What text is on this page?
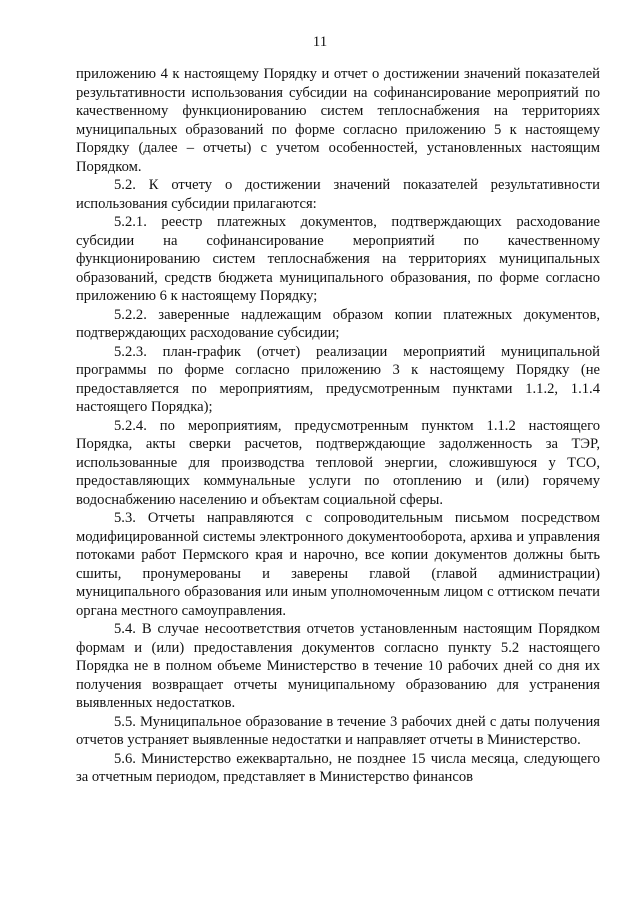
11

приложению 4 к настоящему Порядку и отчет о достижении значений показателей результативности использования субсидии на софинансирование мероприятий по качественному функционированию систем теплоснабжения на территориях муниципальных образований по форме согласно приложению 5 к настоящему Порядку (далее – отчеты) с учетом особенностей, установленных настоящим Порядком.

5.2. К отчету о достижении значений показателей результативности использования субсидии прилагаются:

5.2.1. реестр платежных документов, подтверждающих расходование субсидии на софинансирование мероприятий по качественному функционированию систем теплоснабжения на территориях муниципальных образований, средств бюджета муниципального образования, по форме согласно приложению 6 к настоящему Порядку;

5.2.2. заверенные надлежащим образом копии платежных документов, подтверждающих расходование субсидии;

5.2.3. план-график (отчет) реализации мероприятий муниципальной программы по форме согласно приложению 3 к настоящему Порядку (не предоставляется по мероприятиям, предусмотренным пунктами 1.1.2, 1.1.4 настоящего Порядка);

5.2.4. по мероприятиям, предусмотренным пунктом 1.1.2 настоящего Порядка, акты сверки расчетов, подтверждающие задолженность за ТЭР, использованные для производства тепловой энергии, сложившуюся у ТСО, предоставляющих коммунальные услуги по отоплению и (или) горячему водоснабжению населению и объектам социальной сферы.

5.3. Отчеты направляются с сопроводительным письмом посредством модифицированной системы электронного документооборота, архива и управления потоками работ Пермского края и нарочно, все копии документов должны быть сшиты, пронумерованы и заверены главой (главой администрации) муниципального образования или иным уполномоченным лицом с оттиском печати органа местного самоуправления.

5.4. В случае несоответствия отчетов установленным настоящим Порядком формам и (или) предоставления документов согласно пункту 5.2 настоящего Порядка не в полном объеме Министерство в течение 10 рабочих дней со дня их получения возвращает отчеты муниципальному образованию для устранения выявленных недостатков.

5.5. Муниципальное образование в течение 3 рабочих дней с даты получения отчетов устраняет выявленные недостатки и направляет отчеты в Министерство.

5.6. Министерство ежеквартально, не позднее 15 числа месяца, следующего за отчетным периодом, представляет в Министерство финансов
